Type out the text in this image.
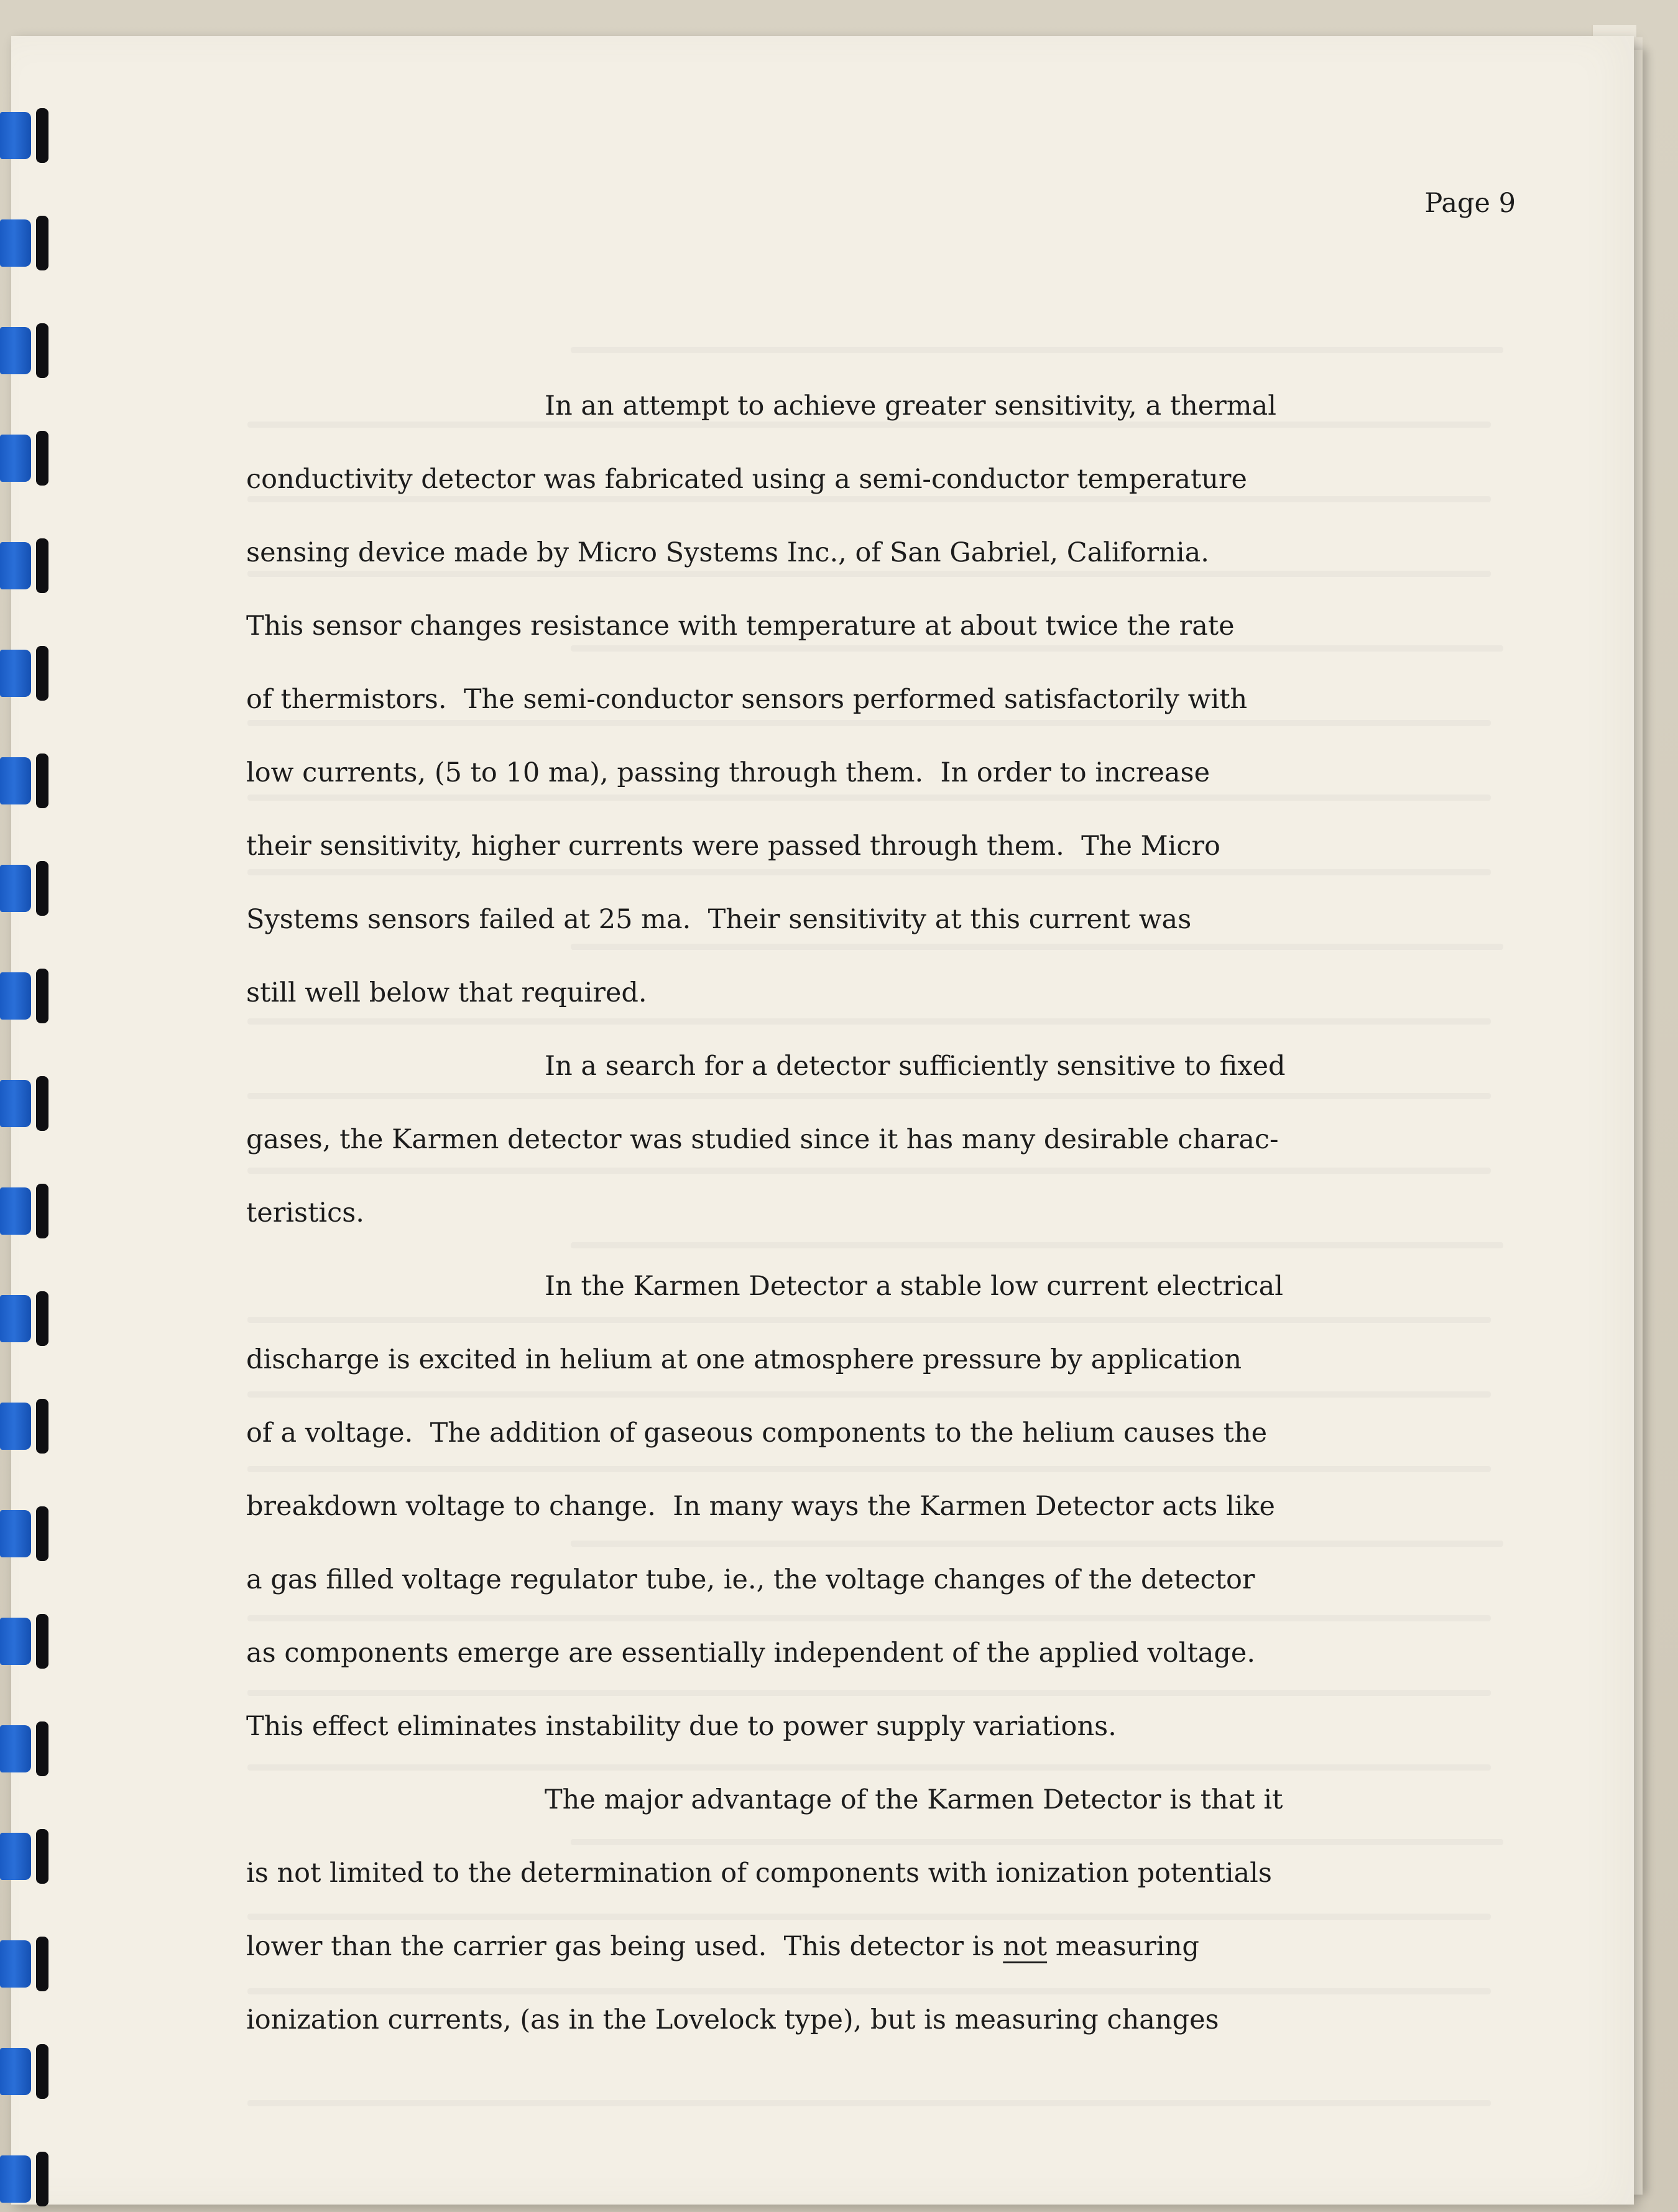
Page 9
In an attempt to achieve greater sensitivity, a thermal
conductivity detector was fabricated using a semi-conductor temperature
sensing device made by Micro Systems Inc., of San Gabriel, California.
This sensor changes resistance with temperature at about twice the rate
of thermistors.  The semi-conductor sensors performed satisfactorily with
low currents, (5 to 10 ma), passing through them.  In order to increase
their sensitivity, higher currents were passed through them.  The Micro
Systems sensors failed at 25 ma.  Their sensitivity at this current was
still well below that required.
In a search for a detector sufficiently sensitive to fixed
gases, the Karmen detector was studied since it has many desirable charac-
teristics.
In the Karmen Detector a stable low current electrical
discharge is excited in helium at one atmosphere pressure by application
of a voltage.  The addition of gaseous components to the helium causes the
breakdown voltage to change.  In many ways the Karmen Detector acts like
a gas filled voltage regulator tube, ie., the voltage changes of the detector
as components emerge are essentially independent of the applied voltage.
This effect eliminates instability due to power supply variations.
The major advantage of the Karmen Detector is that it
is not limited to the determination of components with ionization potentials
lower than the carrier gas being used.  This detector is not measuring
ionization currents, (as in the Lovelock type), but is measuring changes
